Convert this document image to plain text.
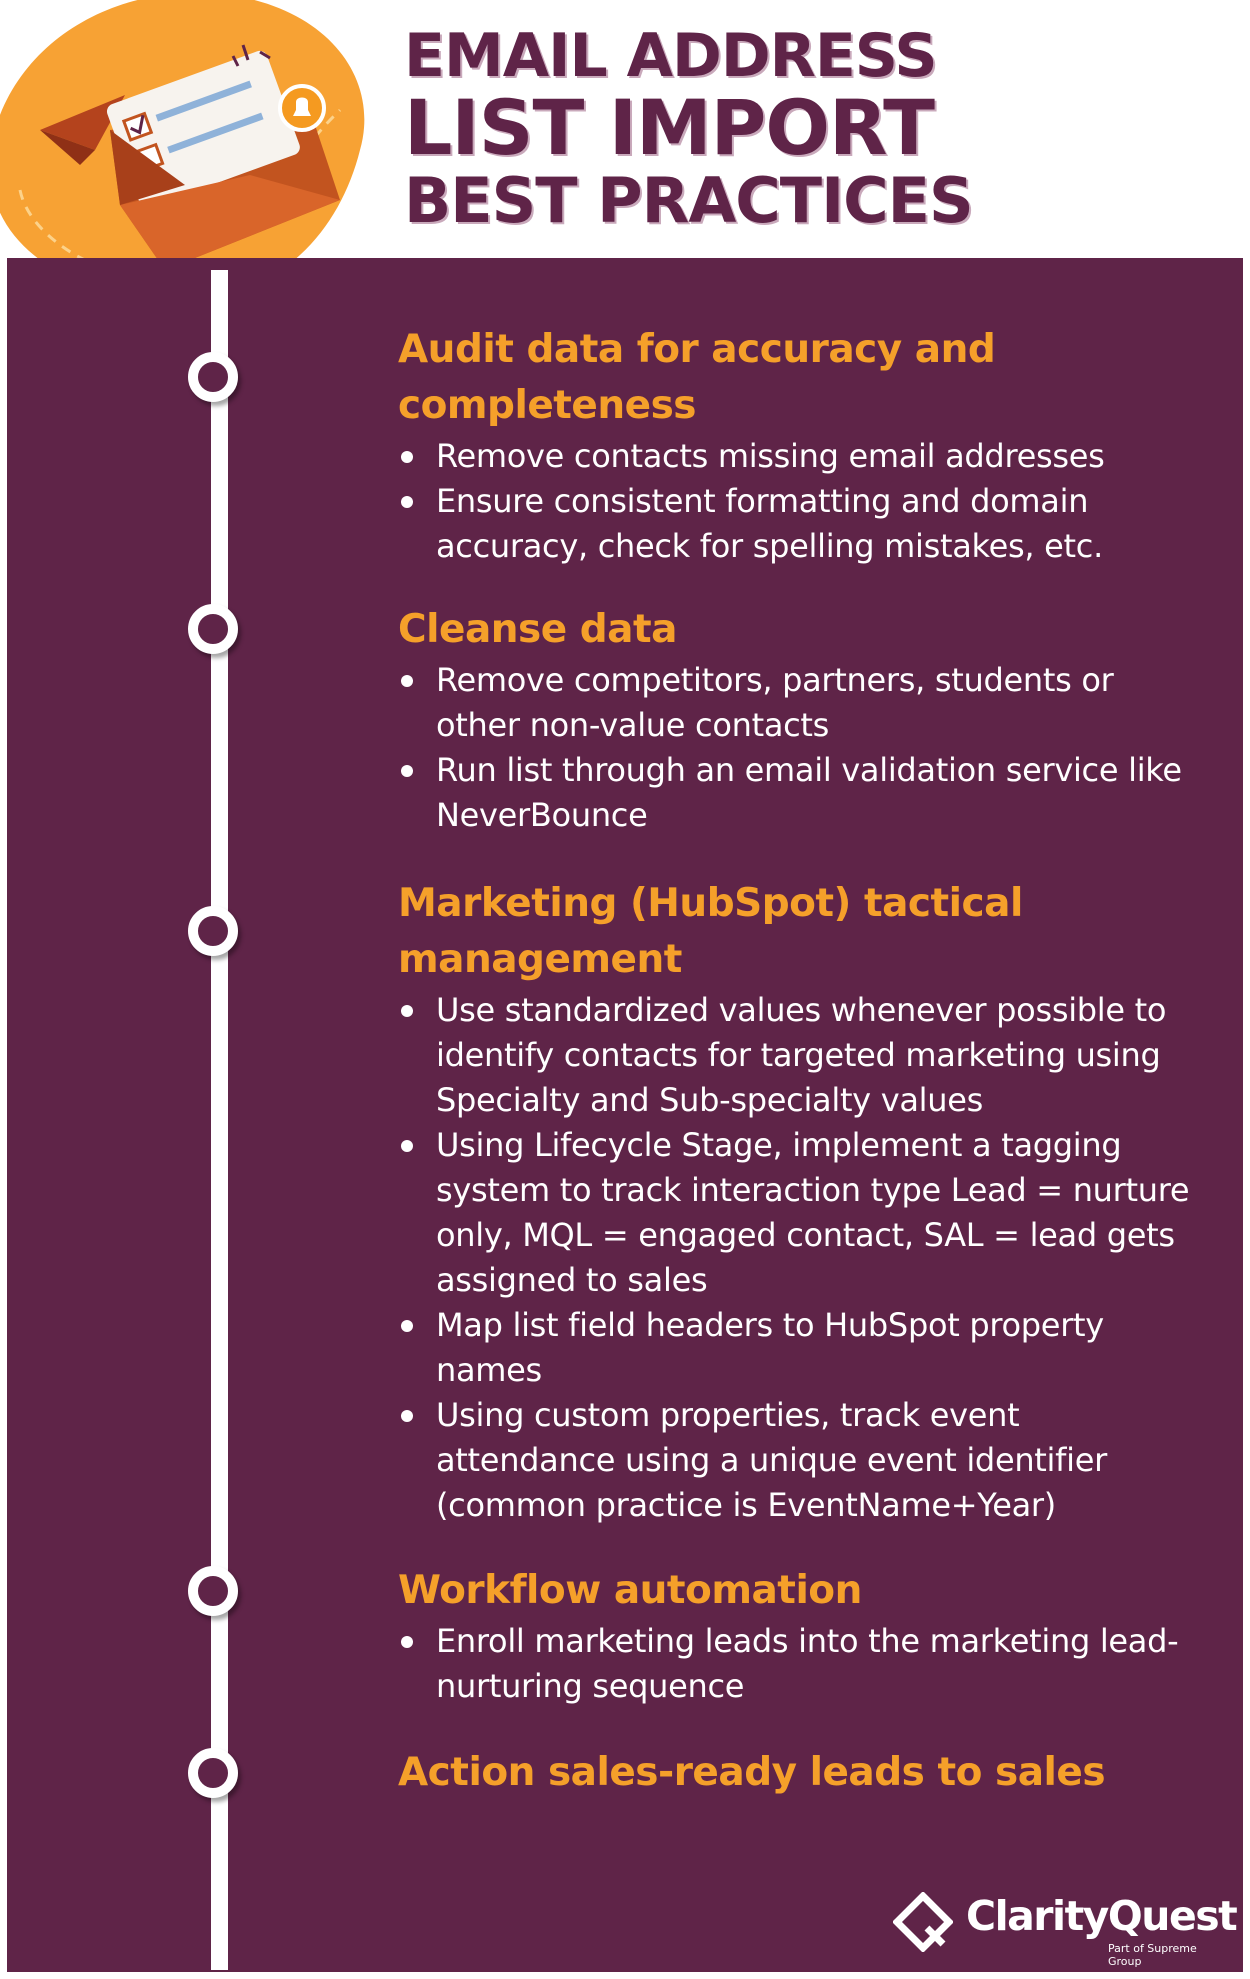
EMAIL ADDRESS
LIST IMPORT
BEST PRACTICES
Audit data for accuracy and completeness
Remove contacts missing email addresses
Ensure consistent formatting and domain accuracy, check for spelling mistakes, etc.
Cleanse data
Remove competitors, partners, students or other non-value contacts
Run list through an email validation service like NeverBounce
Marketing (HubSpot) tactical management
Use standardized values whenever possible to identify contacts for targeted marketing using Specialty and Sub-specialty values
Using Lifecycle Stage, implement a tagging system to track interaction type Lead = nurture only, MQL = engaged contact, SAL = lead gets assigned to sales
Map list field headers to HubSpot property names
Using custom properties, track event attendance using a unique event identifier (common practice is EventName+Year)
Workflow automation
Enroll marketing leads into the marketing lead-nurturing sequence
Action sales-ready leads to sales
ClarityQuest
Part of Supreme Group
